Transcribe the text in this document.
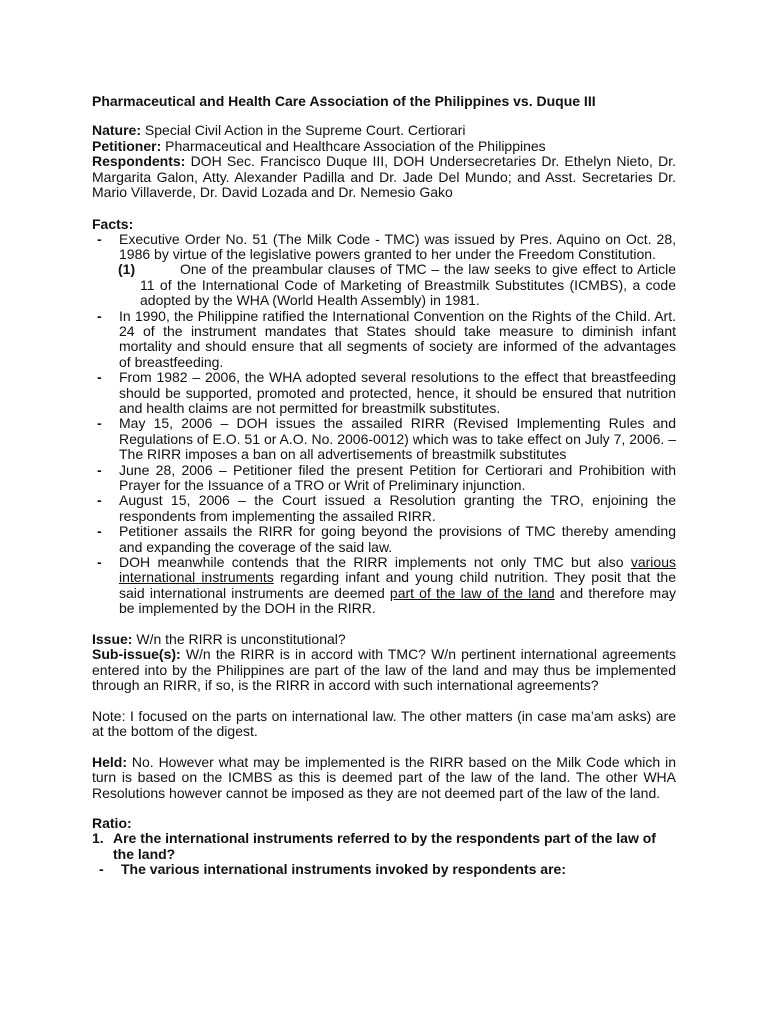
Pharmaceutical and Health Care Association of the Philippines vs. Duque III

Nature: Special Civil Action in the Supreme Court. Certiorari

Petitioner: Pharmaceutical and Healthcare Association of the Philippines

Respondents: DOH Sec. Francisco Duque III, DOH Undersecretaries Dr. Ethelyn Nieto, Dr. Margarita Galon, Atty. Alexander Padilla and Dr. Jade Del Mundo; and Asst. Secretaries Dr. Mario Villaverde, Dr. David Lozada and Dr. Nemesio Gako

Facts:

- Executive Order No. 51 (The Milk Code - TMC) was issued by Pres. Aquino on Oct. 28, 1986 by virtue of the legislative powers granted to her under the Freedom Constitution.
(1)	One of the preambular clauses of TMC – the law seeks to give effect to Article 11 of the International Code of Marketing of Breastmilk Substitutes (ICMBS), a code adopted by the WHA (World Health Assembly) in 1981.
- In 1990, the Philippine ratified the International Convention on the Rights of the Child. Art. 24 of the instrument mandates that States should take measure to diminish infant mortality and should ensure that all segments of society are informed of the advantages of breastfeeding.
- From 1982 – 2006, the WHA adopted several resolutions to the effect that breastfeeding should be supported, promoted and protected, hence, it should be ensured that nutrition and health claims are not permitted for breastmilk substitutes.
- May 15, 2006 – DOH issues the assailed RIRR (Revised Implementing Rules and Regulations of E.O. 51 or A.O. No. 2006-0012) which was to take effect on July 7, 2006. – The RIRR imposes a ban on all advertisements of breastmilk substitutes
- June 28, 2006 – Petitioner filed the present Petition for Certiorari and Prohibition with Prayer for the Issuance of a TRO or Writ of Preliminary injunction.
- August 15, 2006 – the Court issued a Resolution granting the TRO, enjoining the respondents from implementing the assailed RIRR.
- Petitioner assails the RIRR for going beyond the provisions of TMC thereby amending and expanding the coverage of the said law.
- DOH meanwhile contends that the RIRR implements not only TMC but also various international instruments regarding infant and young child nutrition. They posit that the said international instruments are deemed part of the law of the land and therefore may be implemented by the DOH in the RIRR.

Issue: W/n the RIRR is unconstitutional?

Sub-issue(s): W/n the RIRR is in accord with TMC? W/n pertinent international agreements entered into by the Philippines are part of the law of the land and may thus be implemented through an RIRR, if so, is the RIRR in accord with such international agreements?

Note: I focused on the parts on international law. The other matters (in case ma’am asks) are at the bottom of the digest.

Held: No. However what may be implemented is the RIRR based on the Milk Code which in turn is based on the ICMBS as this is deemed part of the law of the land. The other WHA Resolutions however cannot be imposed as they are not deemed part of the law of the land.

Ratio:

1. Are the international instruments referred to by the respondents part of the law of the land?
- The various international instruments invoked by respondents are:
